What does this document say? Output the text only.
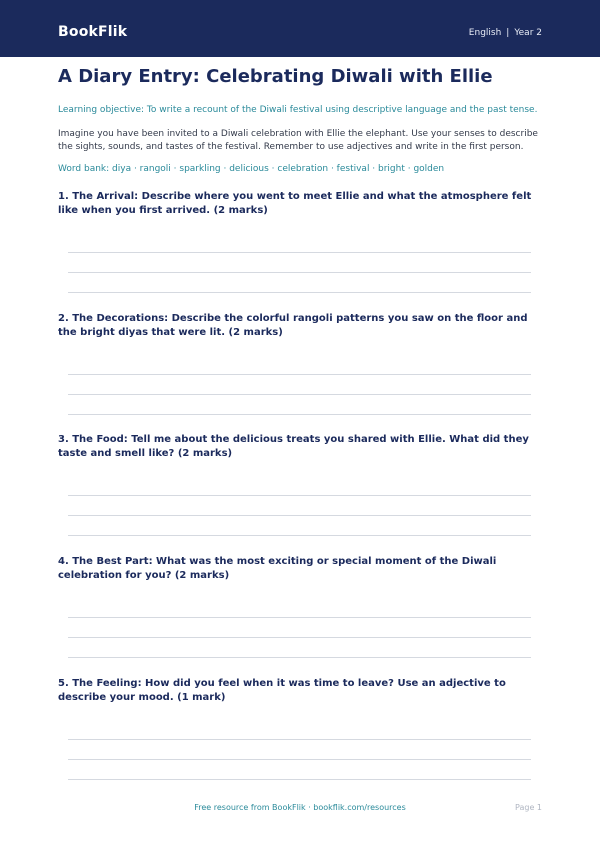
BookFlik	English | Year 2
A Diary Entry: Celebrating Diwali with Ellie
Learning objective: To write a recount of the Diwali festival using descriptive language and the past tense.
Imagine you have been invited to a Diwali celebration with Ellie the elephant. Use your senses to describe the sights, sounds, and tastes of the festival. Remember to use adjectives and write in the first person.
Word bank: diya · rangoli · sparkling · delicious · celebration · festival · bright · golden
1. The Arrival: Describe where you went to meet Ellie and what the atmosphere felt like when you first arrived. (2 marks)
2. The Decorations: Describe the colorful rangoli patterns you saw on the floor and the bright diyas that were lit. (2 marks)
3. The Food: Tell me about the delicious treats you shared with Ellie. What did they taste and smell like? (2 marks)
4. The Best Part: What was the most exciting or special moment of the Diwali celebration for you? (2 marks)
5. The Feeling: How did you feel when it was time to leave? Use an adjective to describe your mood. (1 mark)
Free resource from BookFlik · bookflik.com/resources	Page 1
